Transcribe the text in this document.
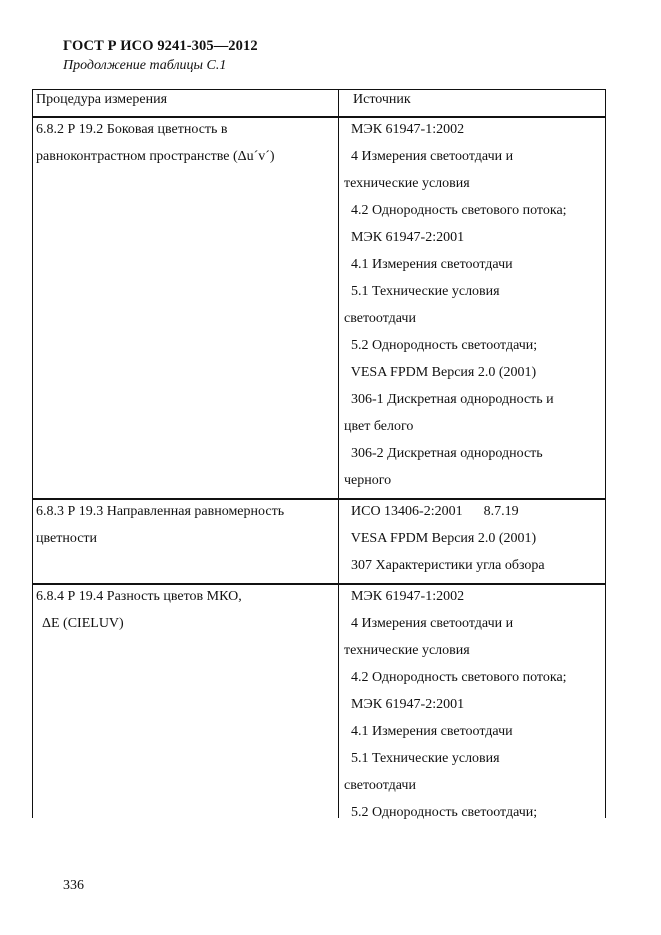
ГОСТ Р ИСО 9241-305—2012
Продолжение таблицы С.1
Процедура измерения	Источник
6.8.2 Р 19.2 Боковая цветность в
равноконтрастном пространстве (Δu´v´)
МЭК 61947-1:2002
4 Измерения светоотдачи и
технические условия
4.2 Однородность светового потока;
МЭК 61947-2:2001
4.1 Измерения светоотдачи
5.1 Технические условия
светоотдачи
5.2 Однородность светоотдачи;
VESA FPDM Версия 2.0 (2001)
306-1 Дискретная однородность и
цвет белого
306-2 Дискретная однородность
черного
6.8.3 Р 19.3 Направленная равномерность
цветности
ИСО 13406-2:2001      8.7.19
VESA FPDM Версия 2.0 (2001)
307 Характеристики угла обзора
6.8.4 Р 19.4 Разность цветов МКО,
ΔE (CIELUV)
МЭК 61947-1:2002
4 Измерения светоотдачи и
технические условия
4.2 Однородность светового потока;
МЭК 61947-2:2001
4.1 Измерения светоотдачи
5.1 Технические условия
светоотдачи
5.2 Однородность светоотдачи;
336
